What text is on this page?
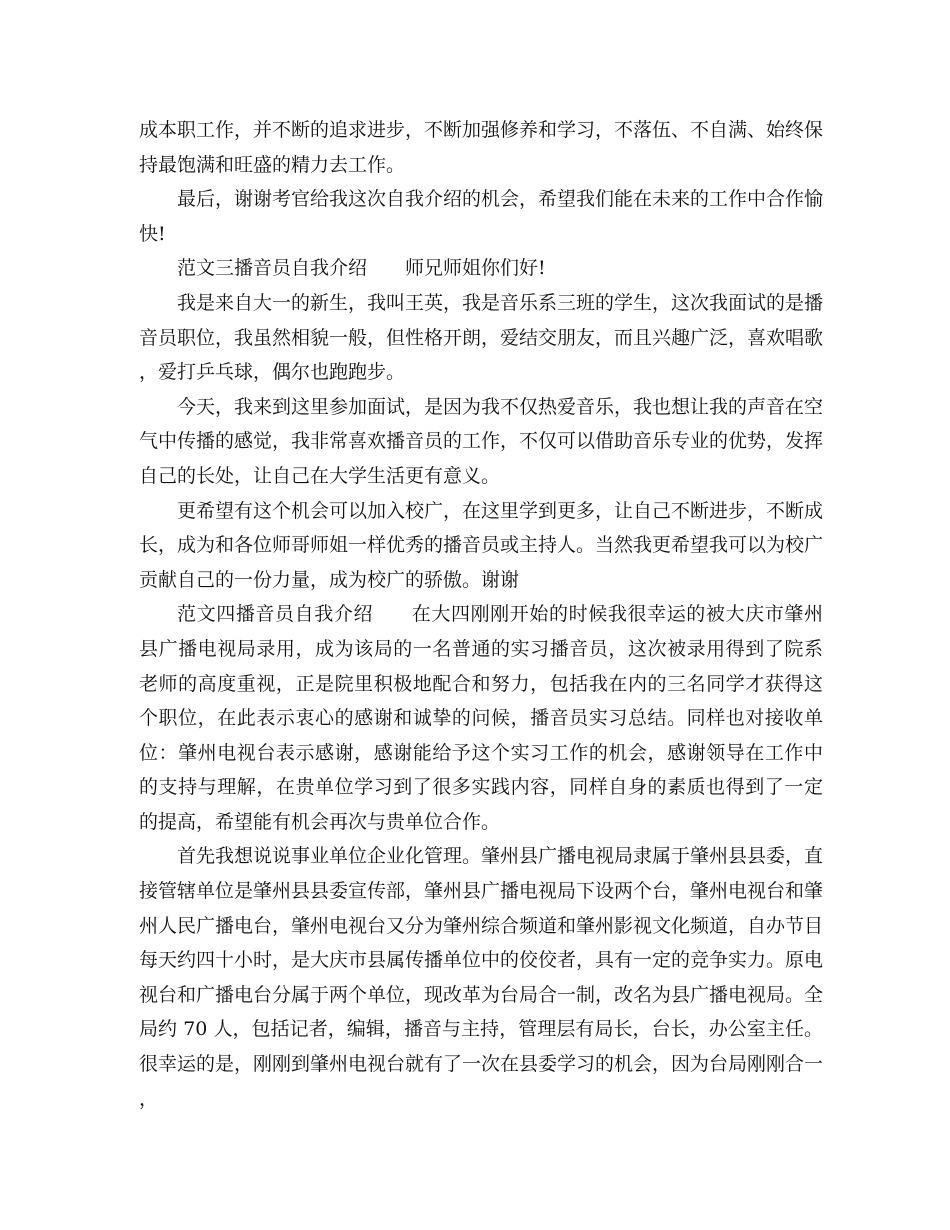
成本职工作，并不断的追求进步，不断加强修养和学习，不落伍、不自满、始终保持最饱满和旺盛的精力去工作。

最后，谢谢考官给我这次自我介绍的机会，希望我们能在未来的工作中合作愉快!

范文三播音员自我介绍 师兄师姐你们好!

我是来自大一的新生，我叫王英，我是音乐系三班的学生，这次我面试的是播音员职位，我虽然相貌一般，但性格开朗，爱结交朋友，而且兴趣广泛，喜欢唱歌，爱打乒乓球，偶尔也跑跑步。

今天，我来到这里参加面试，是因为我不仅热爱音乐，我也想让我的声音在空气中传播的感觉，我非常喜欢播音员的工作，不仅可以借助音乐专业的优势，发挥自己的长处，让自己在大学生活更有意义。

更希望有这个机会可以加入校广，在这里学到更多，让自己不断进步，不断成长，成为和各位师哥师姐一样优秀的播音员或主持人。当然我更希望我可以为校广贡献自己的一份力量，成为校广的骄傲。谢谢

范文四播音员自我介绍 在大四刚刚开始的时候我很幸运的被大庆市肇州县广播电视局录用，成为该局的一名普通的实习播音员，这次被录用得到了院系老师的高度重视，正是院里积极地配合和努力，包括我在内的三名同学才获得这个职位，在此表示衷心的感谢和诚挚的问候，播音员实习总结。同样也对接收单位：肇州电视台表示感谢，感谢能给予这个实习工作的机会，感谢领导在工作中的支持与理解，在贵单位学习到了很多实践内容，同样自身的素质也得到了一定的提高，希望能有机会再次与贵单位合作。

首先我想说说事业单位企业化管理。肇州县广播电视局隶属于肇州县县委，直接管辖单位是肇州县县委宣传部，肇州县广播电视局下设两个台，肇州电视台和肇州人民广播电台，肇州电视台又分为肇州综合频道和肇州影视文化频道，自办节目每天约四十小时，是大庆市县属传播单位中的佼佼者，具有一定的竞争实力。原电视台和广播电台分属于两个单位，现改革为台局合一制，改名为县广播电视局。全局约 70 人，包括记者，编辑，播音与主持，管理层有局长，台长，办公室主任。很幸运的是，刚刚到肇州电视台就有了一次在县委学习的机会，因为台局刚刚合一，
